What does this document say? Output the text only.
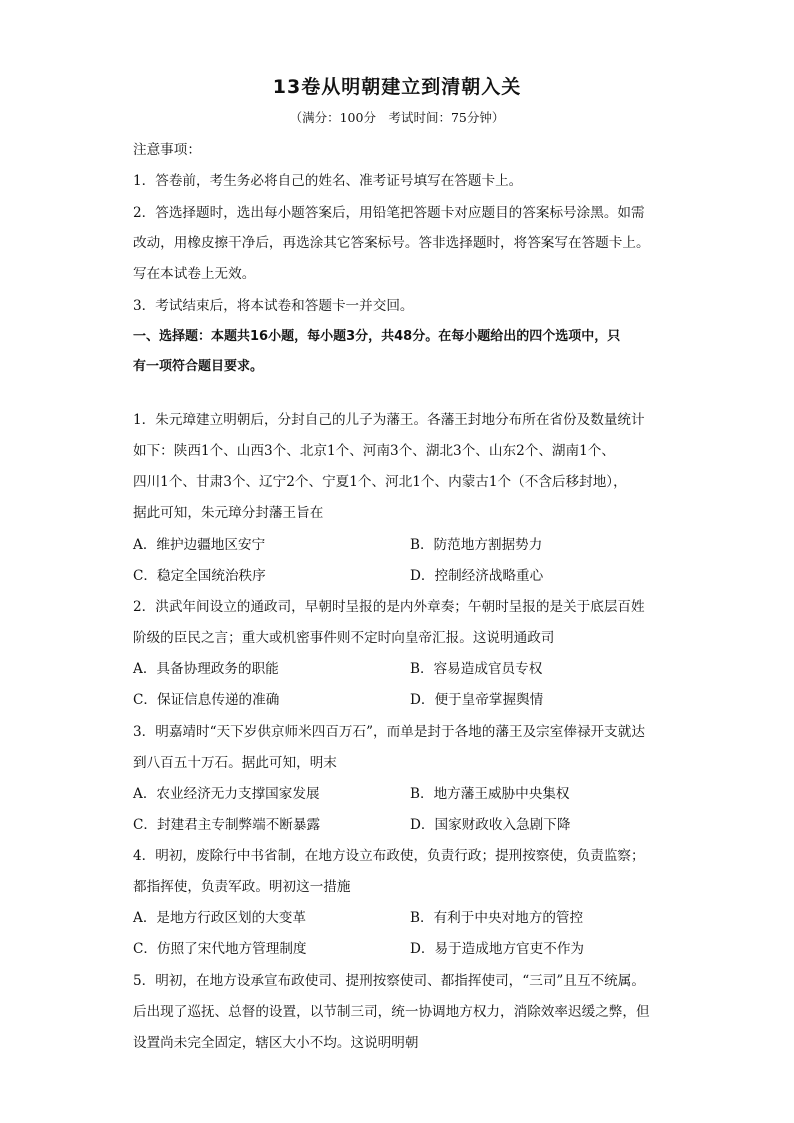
13卷从明朝建立到清朝入关
（满分：100分　考试时间：75分钟）
注意事项：
1．答卷前，考生务必将自己的姓名、准考证号填写在答题卡上。
2．答选择题时，选出每小题答案后，用铅笔把答题卡对应题目的答案标号涂黑。如需
改动，用橡皮擦干净后，再选涂其它答案标号。答非选择题时，将答案写在答题卡上。
写在本试卷上无效。
3．考试结束后，将本试卷和答题卡一并交回。
一、选择题：本题共16小题，每小题3分，共48分。在每小题给出的四个选项中，只
有一项符合题目要求。
1．朱元璋建立明朝后，分封自己的儿子为藩王。各藩王封地分布所在省份及数量统计
如下：陕西1个、山西3个、北京1个、河南3个、湖北3个、山东2个、湖南1个、
四川1个、甘肃3个、辽宁2个、宁夏1个、河北1个、内蒙古1个（不含后移封地），
据此可知，朱元璋分封藩王旨在
A．维护边疆地区安宁	B．防范地方割据势力
C．稳定全国统治秩序	D．控制经济战略重心
2．洪武年间设立的通政司，早朝时呈报的是内外章奏；午朝时呈报的是关于底层百姓
阶级的臣民之言；重大或机密事件则不定时向皇帝汇报。这说明通政司
A．具备协理政务的职能	B．容易造成官员专权
C．保证信息传递的准确	D．便于皇帝掌握舆情
3．明嘉靖时“天下岁供京师米四百万石”，而单是封于各地的藩王及宗室俸禄开支就达
到八百五十万石。据此可知，明末
A．农业经济无力支撑国家发展	B．地方藩王威胁中央集权
C．封建君主专制弊端不断暴露	D．国家财政收入急剧下降
4．明初，废除行中书省制，在地方设立布政使，负责行政；提刑按察使，负责监察；
都指挥使，负责军政。明初这一措施
A．是地方行政区划的大变革	B．有利于中央对地方的管控
C．仿照了宋代地方管理制度	D．易于造成地方官吏不作为
5．明初，在地方设承宣布政使司、提刑按察使司、都指挥使司，“三司”且互不统属。
后出现了巡抚、总督的设置，以节制三司，统一协调地方权力，消除效率迟缓之弊，但
设置尚未完全固定，辖区大小不均。这说明明朝
